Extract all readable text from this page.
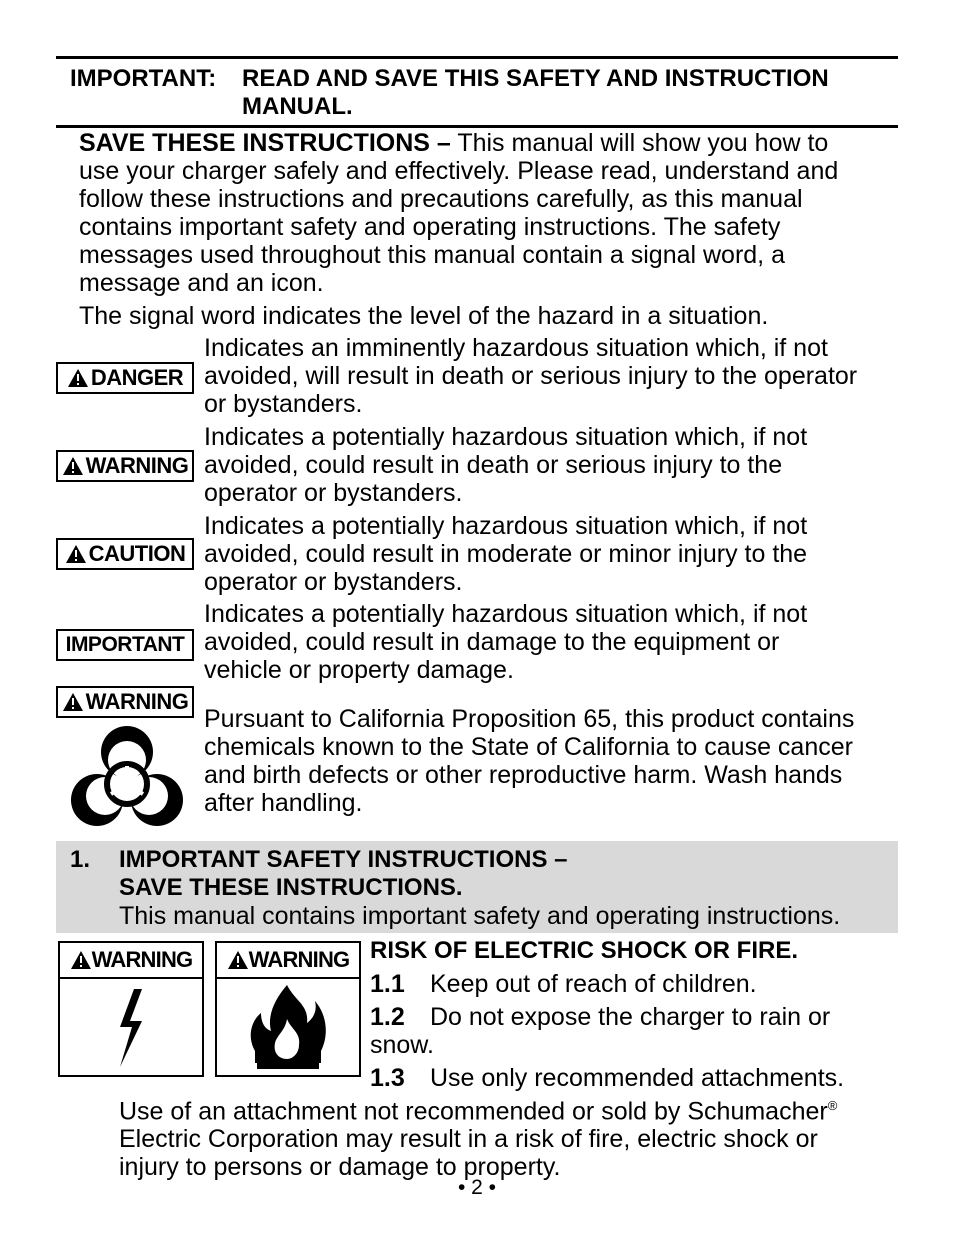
IMPORTANT: READ AND SAVE THIS SAFETY AND INSTRUCTION
MANUAL.

SAVE THESE INSTRUCTIONS – This manual will show you how to

use your charger safely and effectively. Please read, understand and

follow these instructions and precautions carefully, as this manual

contains important safety and operating instructions. The safety

messages used throughout this manual contain a signal word, a

message and an icon.

The signal word indicates the level of the hazard in a situation.
DANGER
Indicates an imminently hazardous situation which, if not
avoided, will result in death or serious injury to the operator
or bystanders.
WARNING
Indicates a potentially hazardous situation which, if not
avoided, could result in death or serious injury to the
operator or bystanders.
CAUTION
Indicates a potentially hazardous situation which, if not
avoided, could result in moderate or minor injury to the
operator or bystanders.
IMPORTANT
Indicates a potentially hazardous situation which, if not
avoided, could result in damage to the equipment or
vehicle or property damage.
WARNING
Pursuant to California Proposition 65, this product contains
chemicals known to the State of California to cause cancer
and birth defects or other reproductive harm. Wash hands
after handling.
1. IMPORTANT SAFETY INSTRUCTIONS –
SAVE THESE INSTRUCTIONS.
This manual contains important safety and operating instructions.
WARNING	WARNING RISK OF ELECTRIC SHOCK OR FIRE.
1.1 Keep out of reach of children.
1.2 Do not expose the charger to rain or
snow.
1.3 Use only recommended attachments.
Use of an attachment not recommended or sold by Schumacher®
Electric Corporation may result in a risk of fire, electric shock or
injury to persons or damage to property.
• 2 •
